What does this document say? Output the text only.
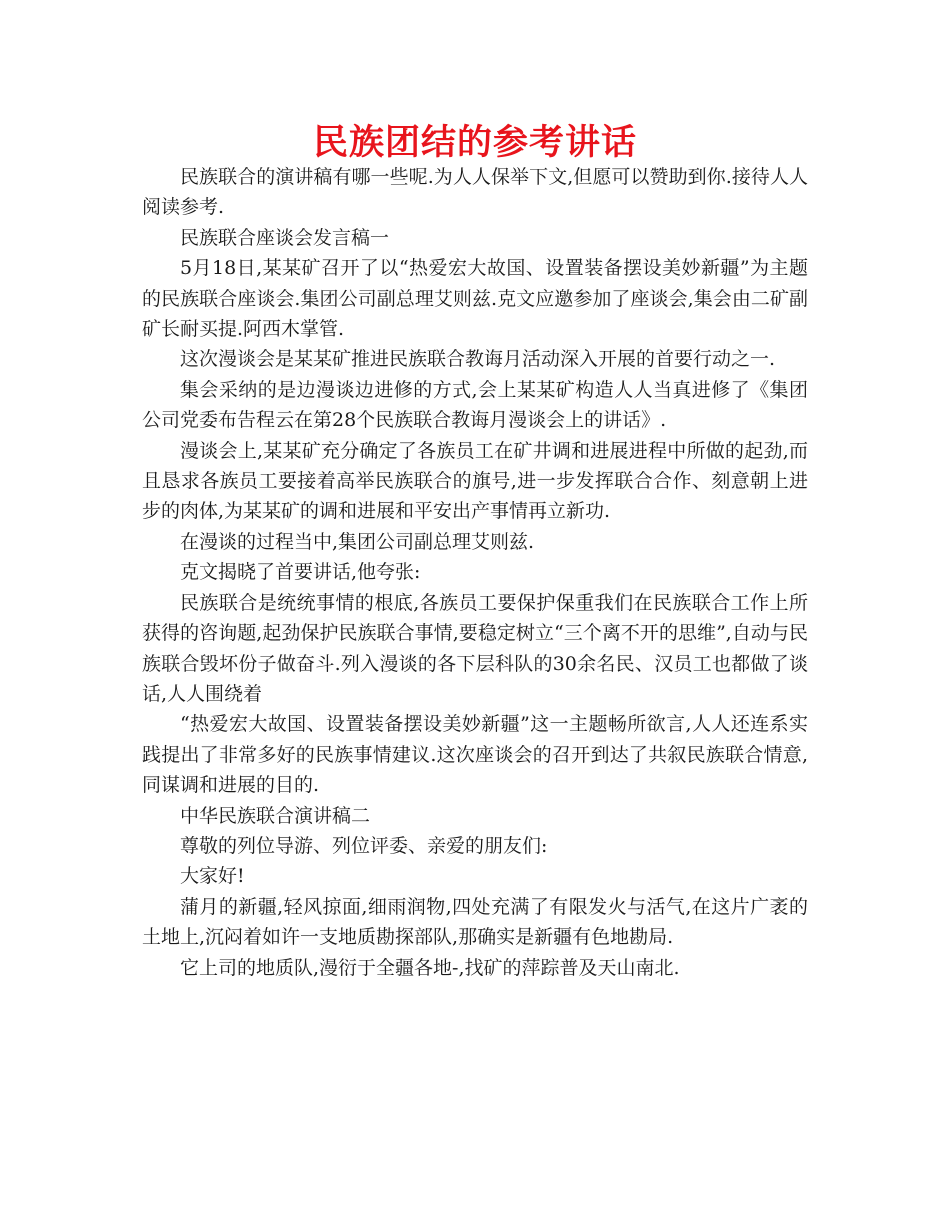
民族团结的参考讲话

民族联合的演讲稿有哪一些呢.为人人保举下文,但愿可以赞助到你.接待人人阅读参考.

民族联合座谈会发言稿一

5月18日,某某矿召开了以“热爱宏大故国、设置装备摆设美妙新疆”为主题的民族联合座谈会.集团公司副总理艾则兹.克文应邀参加了座谈会,集会由二矿副矿长耐买提.阿西木掌管.

这次漫谈会是某某矿推进民族联合教诲月活动深入开展的首要行动之一.

集会采纳的是边漫谈边进修的方式,会上某某矿构造人人当真进修了《集团公司党委布告程云在第28个民族联合教诲月漫谈会上的讲话》.

漫谈会上,某某矿充分确定了各族员工在矿井调和进展进程中所做的起劲,而且恳求各族员工要接着高举民族联合的旗号,进一步发挥联合合作、刻意朝上进步的肉体,为某某矿的调和进展和平安出产事情再立新功.

在漫谈的过程当中,集团公司副总理艾则兹.

克文揭晓了首要讲话,他夸张:

民族联合是统统事情的根底,各族员工要保护保重我们在民族联合工作上所获得的咨询题,起劲保护民族联合事情,要稳定树立“三个离不开的思维”,自动与民族联合毁坏份子做奋斗.列入漫谈的各下层科队的30余名民、汉员工也都做了谈话,人人围绕着

“热爱宏大故国、设置装备摆设美妙新疆”这一主题畅所欲言,人人还连系实践提出了非常多好的民族事情建议.这次座谈会的召开到达了共叙民族联合情意,同谋调和进展的目的.

中华民族联合演讲稿二

尊敬的列位导游、列位评委、亲爱的朋友们:

大家好!

蒲月的新疆,轻风掠面,细雨润物,四处充满了有限发火与活气,在这片广袤的土地上,沉闷着如许一支地质勘探部队,那确实是新疆有色地勘局.

它上司的地质队,漫衍于全疆各地-,找矿的萍踪普及天山南北.
